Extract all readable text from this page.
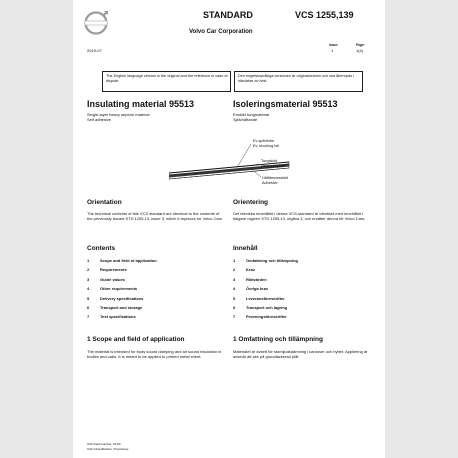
STANDARD	VCS 1255,139
Volvo Car Corporation
2019-07
Issue:
1
Page:
1(4)
The English language version is the original and the reference in case of dispute.
Den engelskspråkiga versionen är originalversion och ska åberopas i händelse av tvist.
Insulating material 95513	Isoleringsmaterial 95513
Single-layer heavy septum material
Self adhesive
Enskikt tungmaterial
Självhäftande
Ev spärrfolie
Ev. blocking foil
Tungskikt
Heavy septum
Häftämnesskikt
Adhesive
Orientation	Orientering
The technical contents of this VCS standard are identical to the contents of the previously issued STD 1255,13, issue 3, which it replaces for Volvo Cars.
Det tekniska innehållet i denna VCS-standard är identiskt med innehållet i tidigare utgiven STD 1255,13, utgåva 3, och ersätter denna för Volvo Cars.
Contents	Innehåll
1	Scope and field of application
2	Requirements
3	Guide values
4	Other requirements
5	Delivery specifications
6	Transport and storage
7	Test specifications
1	Omfattning och tillämpning
2	Krav
3	Riktvärden
4	Övriga krav
5	Leveransföreskrifter
6	Transport och lagring
7	Provningsföreskrifter
1 Scope and field of application	1 Omfattning och tillämpning
The material is intended for body sound damping and air sound insulation in bodies and cabs. It is meant to be applied to primed metal sheet.
Materialet är avsett för stomljudsdämning i karosser och hytter. Appliering är avsedd att ske på grundlackerad plåt.
GSU field Number: 16,83
GSU Classification: Proprietary
